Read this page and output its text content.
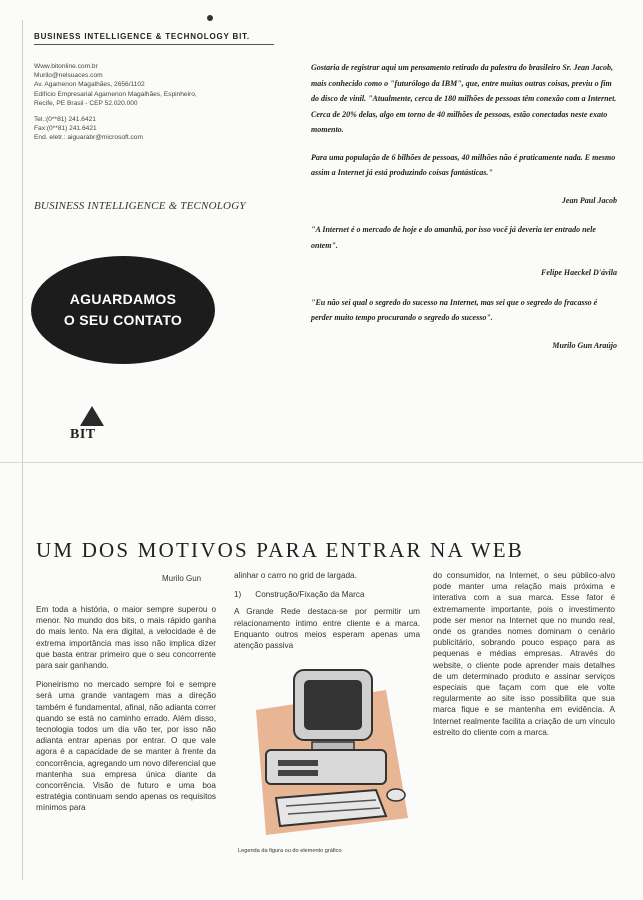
BUSINESS INTELLIGENCE & TECHNOLOGY BIT.
Www.bitonline.com.br
Murilo@nelsuaces.com
Av. Agamenon Magalhães, 2656/1102
Edifício Empresarial Agamenon Magalhães, Espinheiro,
Recife, PE Brasil - CEP 52.020.000
Tel.:(0**81) 241.6421
Fax:(0**81) 241.6421
End. eletr.: aiguarabr@microsoft.com
BUSINESS INTELLIGENCE & TECNOLOGY
AGUARDAMOS
O SEU CONTATO
BIT

Gostaria de registrar aqui um pensamento retirado da palestra do brasileiro Sr. Jean Jacob, mais conhecido como o "futurólogo da IBM", que, entre muitas outras coisas, previu o fim do disco de vinil. "Atualmente, cerca de 180 milhões de pessoas têm conexão com a Internet. Cerca de 20% delas, algo em torno de 40 milhões de pessoas, estão conectadas neste exato momento.

Para uma população de 6 bilhões de pessoas, 40 milhões não é praticamente nada. E mesmo assim a Internet já está produzindo coisas fantásticas."

Jean Paul Jacob

"A Internet é o mercado de hoje e do amanhã, por isso você já deveria ter entrado nele ontem".

Felipe Haeckel D'ávila

"Eu não sei qual o segredo do sucesso na Internet, mas sei que o segredo do fracasso é perder muito tempo procurando o segredo do sucesso".

Murilo Gun Araújo

UM DOS MOTIVOS PARA ENTRAR NA WEB
Murilo Gun

Em toda a história, o maior sempre superou o menor. No mundo dos bits, o mais rápido ganha do mais lento. Na era digital, a velocidade é de extrema importância mas isso não implica dizer que basta entrar primeiro que o seu concorrente para sair ganhando.

Pioneirismo no mercado sempre foi e sempre será uma grande vantagem mas a direção também é fundamental, afinal, não adianta correr quando se está no caminho errado. Além disso, tecnologia todos um dia vão ter, por isso não adianta entrar apenas por entrar. O que vale agora é a capacidade de se manter à frente da concorrência, agregando um novo diferencial que mantenha sua empresa única diante da concorrência. Visão de futuro e uma boa estratégia continuam sendo apenas os requisitos mínimos para

alinhar o carro no grid de largada.

1) Construção/Fixação da Marca

A Grande Rede destaca-se por permitir um relacionamento íntimo entre cliente e a marca. Enquanto outros meios esperam apenas uma atenção passiva

Legenda da figura ou do elemento gráfico

do consumidor, na Internet, o seu público-alvo pode manter uma relação mais próxima e interativa com a sua marca. Esse fator é extremamente importante, pois o investimento pode ser menor na Internet que no mundo real, onde os grandes nomes dominam o cenário publicitário, sobrando pouco espaço para as pequenas e médias empresas. Através do website, o cliente pode aprender mais detalhes de um determinado produto e assinar serviços especiais que façam com que ele volte regularmente ao site isso possibilita que sua marca fique e se mantenha em evidência. A Internet realmente facilita a criação de um vínculo estreito do cliente com a marca.
